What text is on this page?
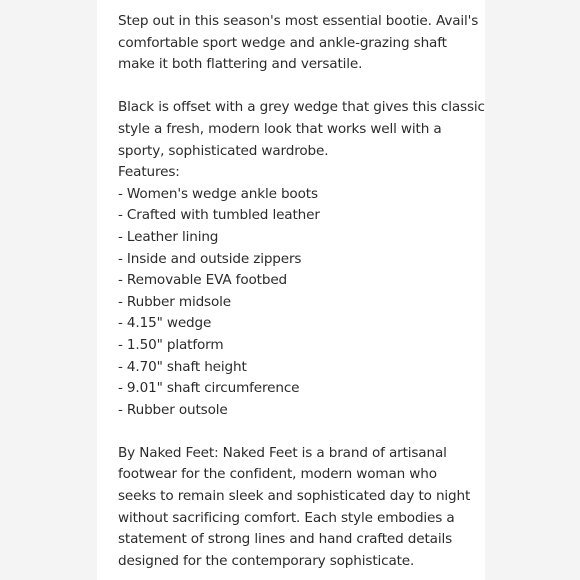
Step out in this season's most essential bootie. Avail's
comfortable sport wedge and ankle-grazing shaft
make it both flattering and versatile.
Black is offset with a grey wedge that gives this classic
style a fresh, modern look that works well with a
sporty, sophisticated wardrobe.
Features:
- Women's wedge ankle boots
- Crafted with tumbled leather
- Leather lining
- Inside and outside zippers
- Removable EVA footbed
- Rubber midsole
- 4.15" wedge
- 1.50" platform
- 4.70" shaft height
- 9.01" shaft circumference
- Rubber outsole
By Naked Feet: Naked Feet is a brand of artisanal
footwear for the confident, modern woman who
seeks to remain sleek and sophisticated day to night
without sacrificing comfort. Each style embodies a
statement of strong lines and hand crafted details
designed for the contemporary sophisticate.
